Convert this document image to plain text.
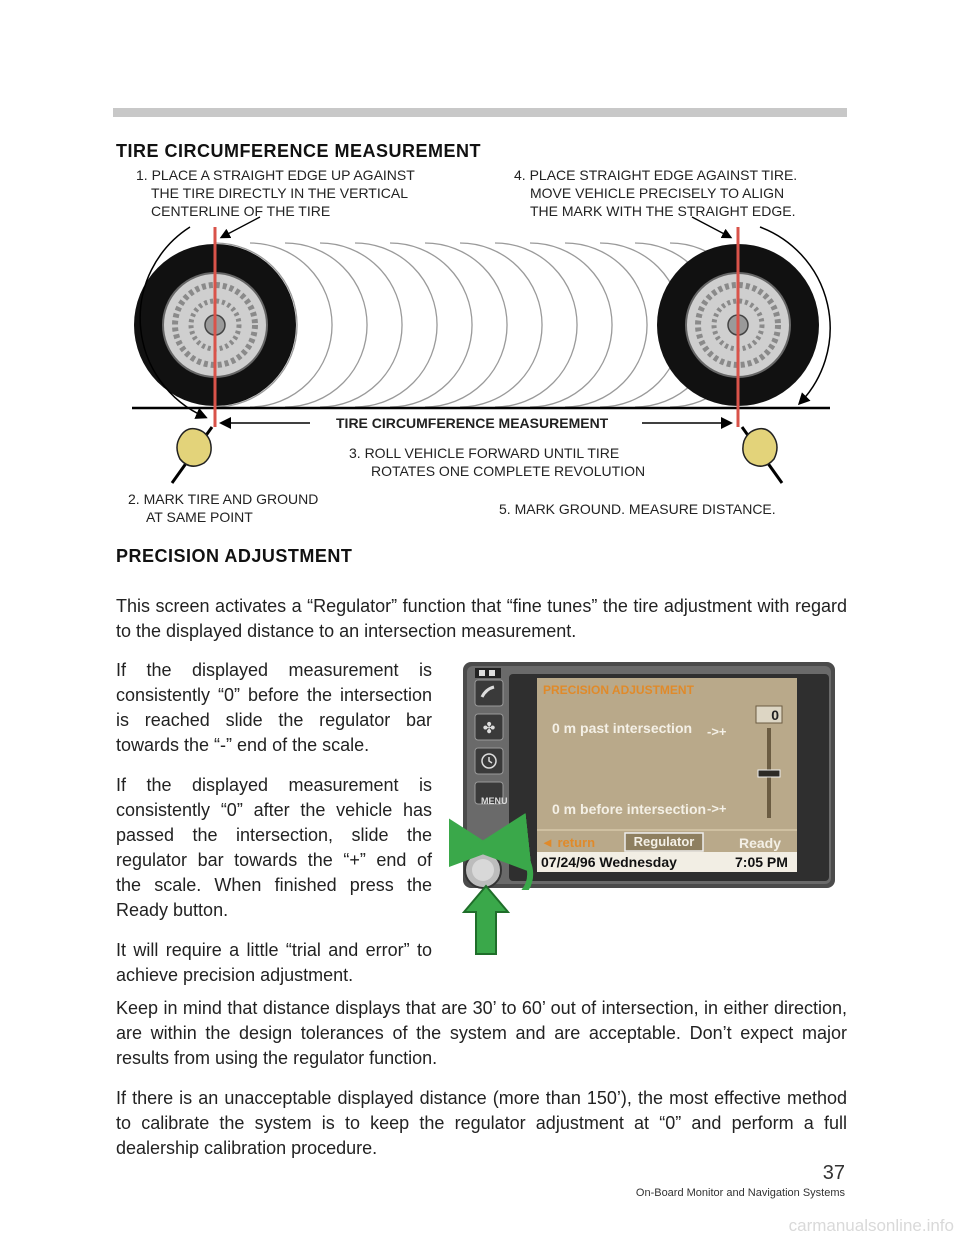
TIRE CIRCUMFERENCE MEASUREMENT
1. PLACE A STRAIGHT EDGE UP AGAINST
THE TIRE DIRECTLY IN THE VERTICAL
CENTERLINE OF THE TIRE
4. PLACE STRAIGHT EDGE AGAINST TIRE.
MOVE VEHICLE PRECISELY TO ALIGN
THE MARK WITH THE STRAIGHT EDGE.
TIRE CIRCUMFERENCE MEASUREMENT
3. ROLL VEHICLE FORWARD UNTIL TIRE
ROTATES ONE COMPLETE REVOLUTION
2. MARK TIRE AND GROUND
AT SAME POINT	5. MARK GROUND. MEASURE DISTANCE.
PRECISION ADJUSTMENT
This screen activates a “Regulator” function that “fine tunes” the tire adjustment with regard
to the displayed distance to an intersection measurement.
If the displayed measurement is
consistently “0” before the intersection
is reached slide the regulator bar
towards the “-” end of the scale.
If the displayed measurement is
consistently “0” after the vehicle has
passed the intersection, slide the
regulator bar towards the “+” end of
the scale. When finished press the
Ready button.
It will require a little “trial and error” to
achieve precision adjustment.
✤
MENU
PRECISION ADJUSTMENT
0
0 m past intersection ->+
0 m before intersection ->+
◄ return	Regulator	Ready
07/24/96 Wednesday	7:05 PM
Keep in mind that distance displays that are 30’ to 60’ out of intersection, in either direction,
are within the design tolerances of the system and are acceptable. Don’t expect major
results from using the regulator function.
If there is an unacceptable displayed distance (more than 150’), the most effective method
to calibrate the system is to keep the regulator adjustment at “0” and perform a full
dealership calibration procedure.
37
On-Board Monitor and Navigation Systems
carmanualsonline.info
